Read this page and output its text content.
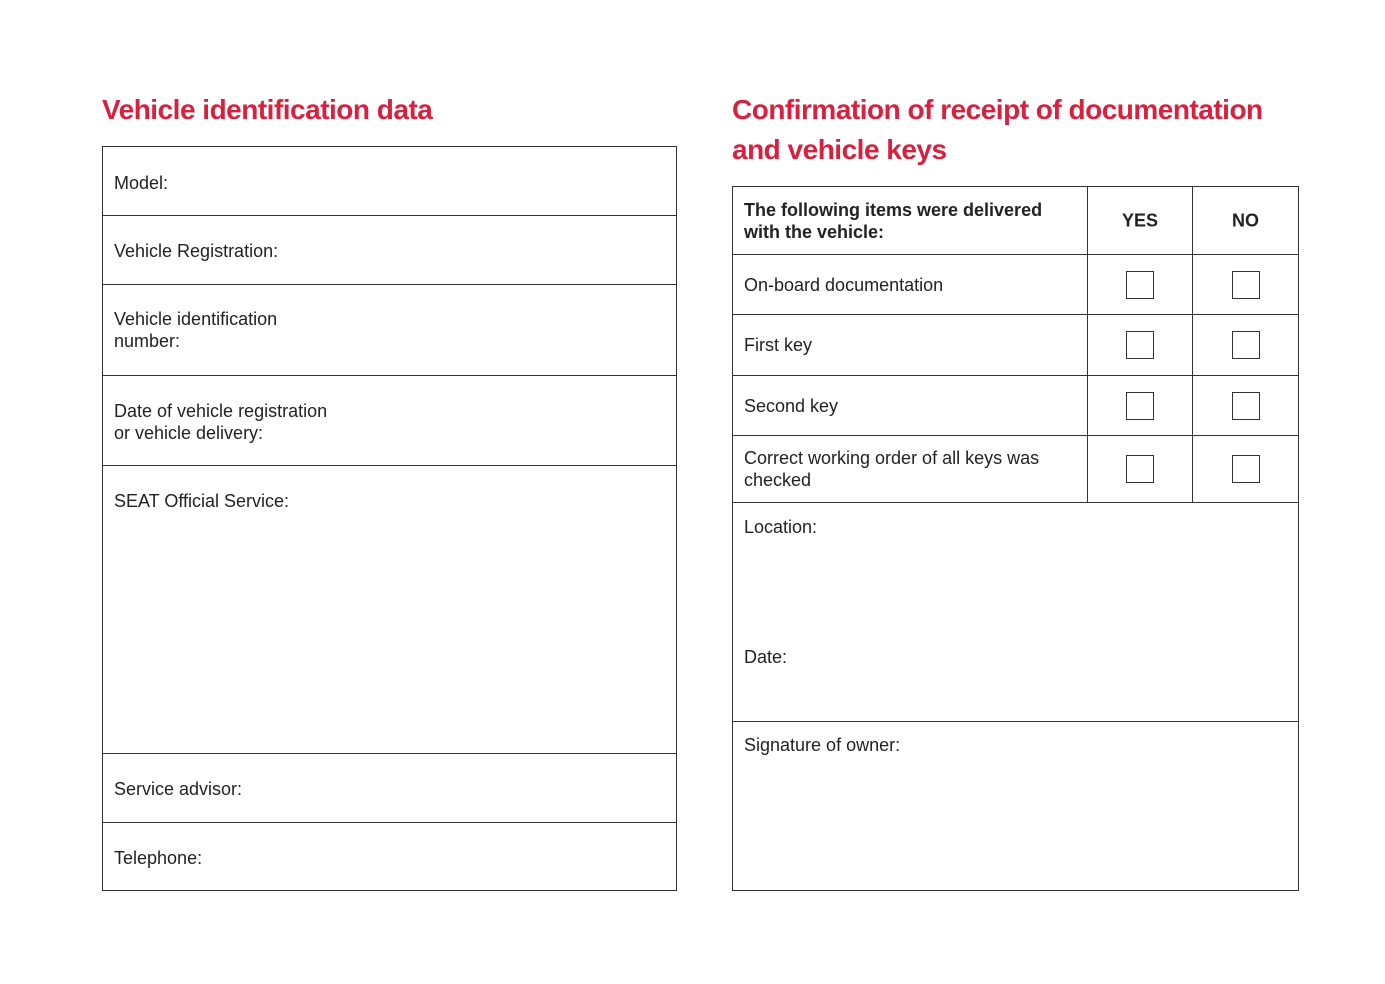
Vehicle identification data	Confirmation of receipt of documentation and vehicle keys
Model:
Vehicle Registration:
Vehicle identification
number:
Date of vehicle registration
or vehicle delivery:
SEAT Official Service:
Service advisor:
Telephone:
The following items were delivered with the vehicle:
YES	NO
On-board documentation
First key
Second key
Correct working order of all keys was checked
Location:
Date:
Signature of owner:
